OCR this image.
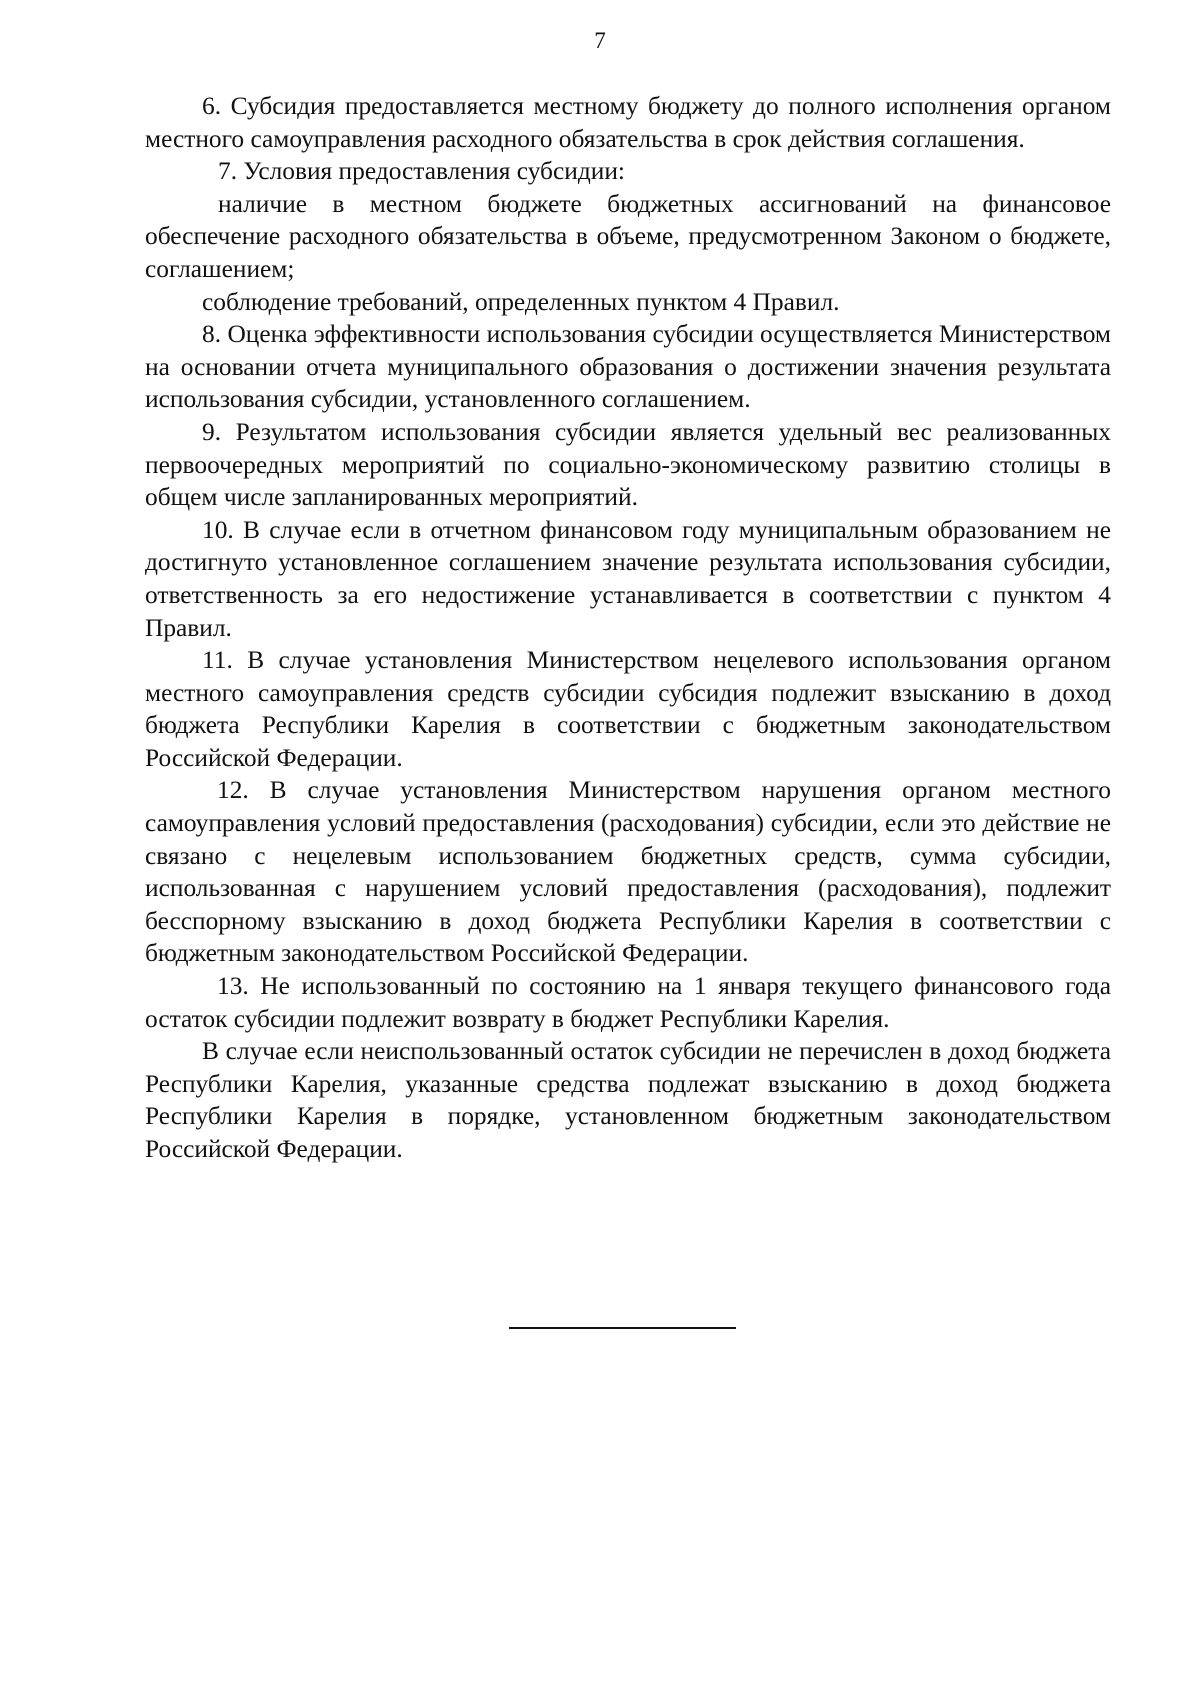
7

6. Субсидия предоставляется местному бюджету до полного исполнения органом местного самоуправления расходного обязательства в срок действия соглашения.

7. Условия предоставления субсидии:

наличие в местном бюджете бюджетных ассигнований на финансовое обеспечение расходного обязательства в объеме, предусмотренном Законом о бюджете, соглашением;

соблюдение требований, определенных пунктом 4 Правил.

8. Оценка эффективности использования субсидии осуществляется Министерством на основании отчета муниципального образования о достижении значения результата использования субсидии, установленного соглашением.

9. Результатом использования субсидии является удельный вес реализованных первоочередных мероприятий по социально-экономическому развитию столицы в общем числе запланированных мероприятий.

10. В случае если в отчетном финансовом году муниципальным образованием не достигнуто установленное соглашением значение результата использования субсидии, ответственность за его недостижение устанавливается в соответствии с пунктом 4 Правил.

11. В случае установления Министерством нецелевого использования органом местного самоуправления средств субсидии субсидия подлежит взысканию в доход бюджета Республики Карелия в соответствии с бюджетным законодательством Российской Федерации.

12. В случае установления Министерством нарушения органом местного самоуправления условий предоставления (расходования) субсидии, если это действие не связано с нецелевым использованием бюджетных средств, сумма субсидии, использованная с нарушением условий предоставления (расходования), подлежит бесспорному взысканию в доход бюджета Республики Карелия в соответствии с бюджетным законодательством Российской Федерации.

13. Не использованный по состоянию на 1 января текущего финансового года остаток субсидии подлежит возврату в бюджет Республики Карелия.

В случае если неиспользованный остаток субсидии не перечислен в доход бюджета Республики Карелия, указанные средства подлежат взысканию в доход бюджета Республики Карелия в порядке, установленном бюджетным законодательством Российской Федерации.
